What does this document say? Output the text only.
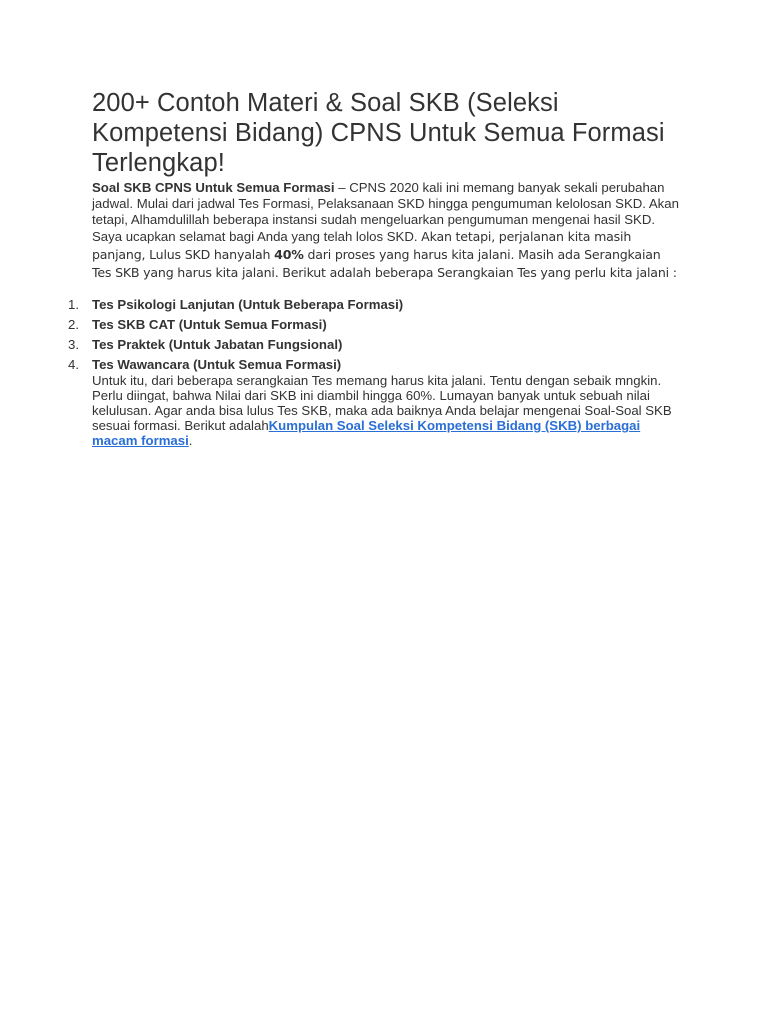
200+ Contoh Materi & Soal SKB (Seleksi Kompetensi Bidang) CPNS Untuk Semua Formasi Terlengkap!

Soal SKB CPNS Untuk Semua Formasi – CPNS 2020 kali ini memang banyak sekali perubahan jadwal. Mulai dari jadwal Tes Formasi, Pelaksanaan SKD hingga pengumuman kelolosan SKD. Akan tetapi, Alhamdulillah beberapa instansi sudah mengeluarkan pengumuman mengenai hasil SKD. Saya ucapkan selamat bagi Anda yang telah lolos SKD. Akan tetapi, perjalanan kita masih panjang, Lulus SKD hanyalah 40% dari proses yang harus kita jalani. Masih ada Serangkaian Tes SKB yang harus kita jalani. Berikut adalah beberapa Serangkaian Tes yang perlu kita jalani :

1. Tes Psikologi Lanjutan (Untuk Beberapa Formasi)
2. Tes SKB CAT (Untuk Semua Formasi)
3. Tes Praktek (Untuk Jabatan Fungsional)
4. Tes Wawancara (Untuk Semua Formasi)

Untuk itu, dari beberapa serangkaian Tes memang harus kita jalani. Tentu dengan sebaik mngkin. Perlu diingat, bahwa Nilai dari SKB ini diambil hingga 60%. Lumayan banyak untuk sebuah nilai kelulusan. Agar anda bisa lulus Tes SKB, maka ada baiknya Anda belajar mengenai Soal-Soal SKB sesuai formasi. Berikut adalahKumpulan Soal Seleksi Kompetensi Bidang (SKB) berbagai macam formasi.
